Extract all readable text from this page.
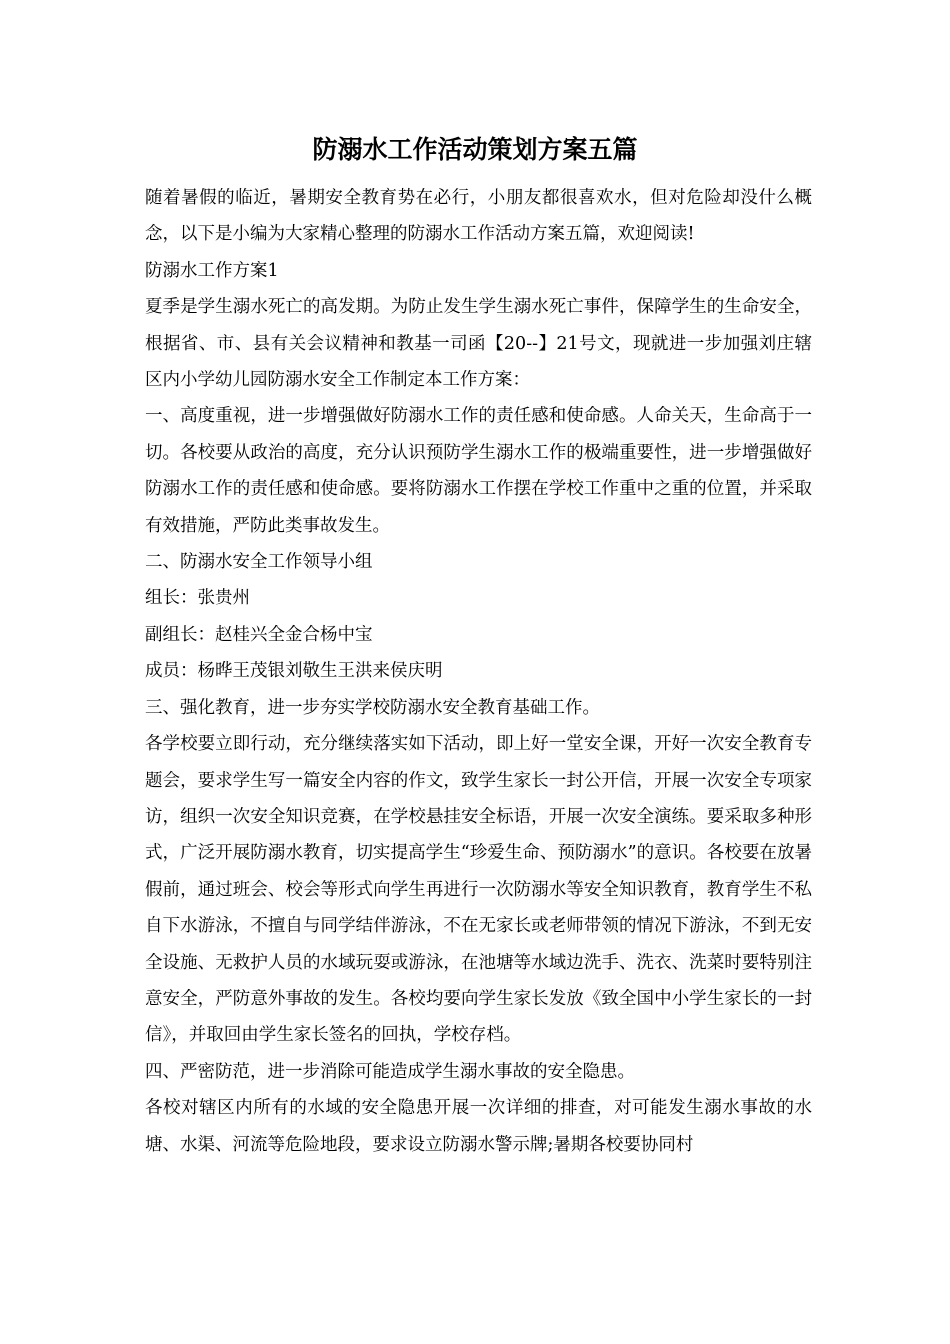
防溺水工作活动策划方案五篇

随着暑假的临近，暑期安全教育势在必行，小朋友都很喜欢水，但对危险却没什么概念，以下是小编为大家精心整理的防溺水工作活动方案五篇，欢迎阅读!

防溺水工作方案1

夏季是学生溺水死亡的高发期。为防止发生学生溺水死亡事件，保障学生的生命安全，根据省、市、县有关会议精神和教基一司函【20--】21号文，现就进一步加强刘庄辖区内小学幼儿园防溺水安全工作制定本工作方案：

一、高度重视，进一步增强做好防溺水工作的责任感和使命感。人命关天，生命高于一切。各校要从政治的高度，充分认识预防学生溺水工作的极端重要性，进一步增强做好防溺水工作的责任感和使命感。要将防溺水工作摆在学校工作重中之重的位置，并采取有效措施，严防此类事故发生。

二、防溺水安全工作领导小组

组长：张贵州

副组长：赵桂兴全金合杨中宝

成员：杨晔王茂银刘敬生王洪来侯庆明

三、强化教育，进一步夯实学校防溺水安全教育基础工作。

各学校要立即行动，充分继续落实如下活动，即上好一堂安全课，开好一次安全教育专题会，要求学生写一篇安全内容的作文，致学生家长一封公开信，开展一次安全专项家访，组织一次安全知识竞赛，在学校悬挂安全标语，开展一次安全演练。要采取多种形式，广泛开展防溺水教育，切实提高学生“珍爱生命、预防溺水”的意识。各校要在放暑假前，通过班会、校会等形式向学生再进行一次防溺水等安全知识教育，教育学生不私自下水游泳，不擅自与同学结伴游泳，不在无家长或老师带领的情况下游泳，不到无安全设施、无救护人员的水域玩耍或游泳，在池塘等水域边洗手、洗衣、洗菜时要特别注意安全，严防意外事故的发生。各校均要向学生家长发放《致全国中小学生家长的一封信》，并取回由学生家长签名的回执，学校存档。

四、严密防范，进一步消除可能造成学生溺水事故的安全隐患。

各校对辖区内所有的水域的安全隐患开展一次详细的排查，对可能发生溺水事故的水塘、水渠、河流等危险地段，要求设立防溺水警示牌;暑期各校要协同村
